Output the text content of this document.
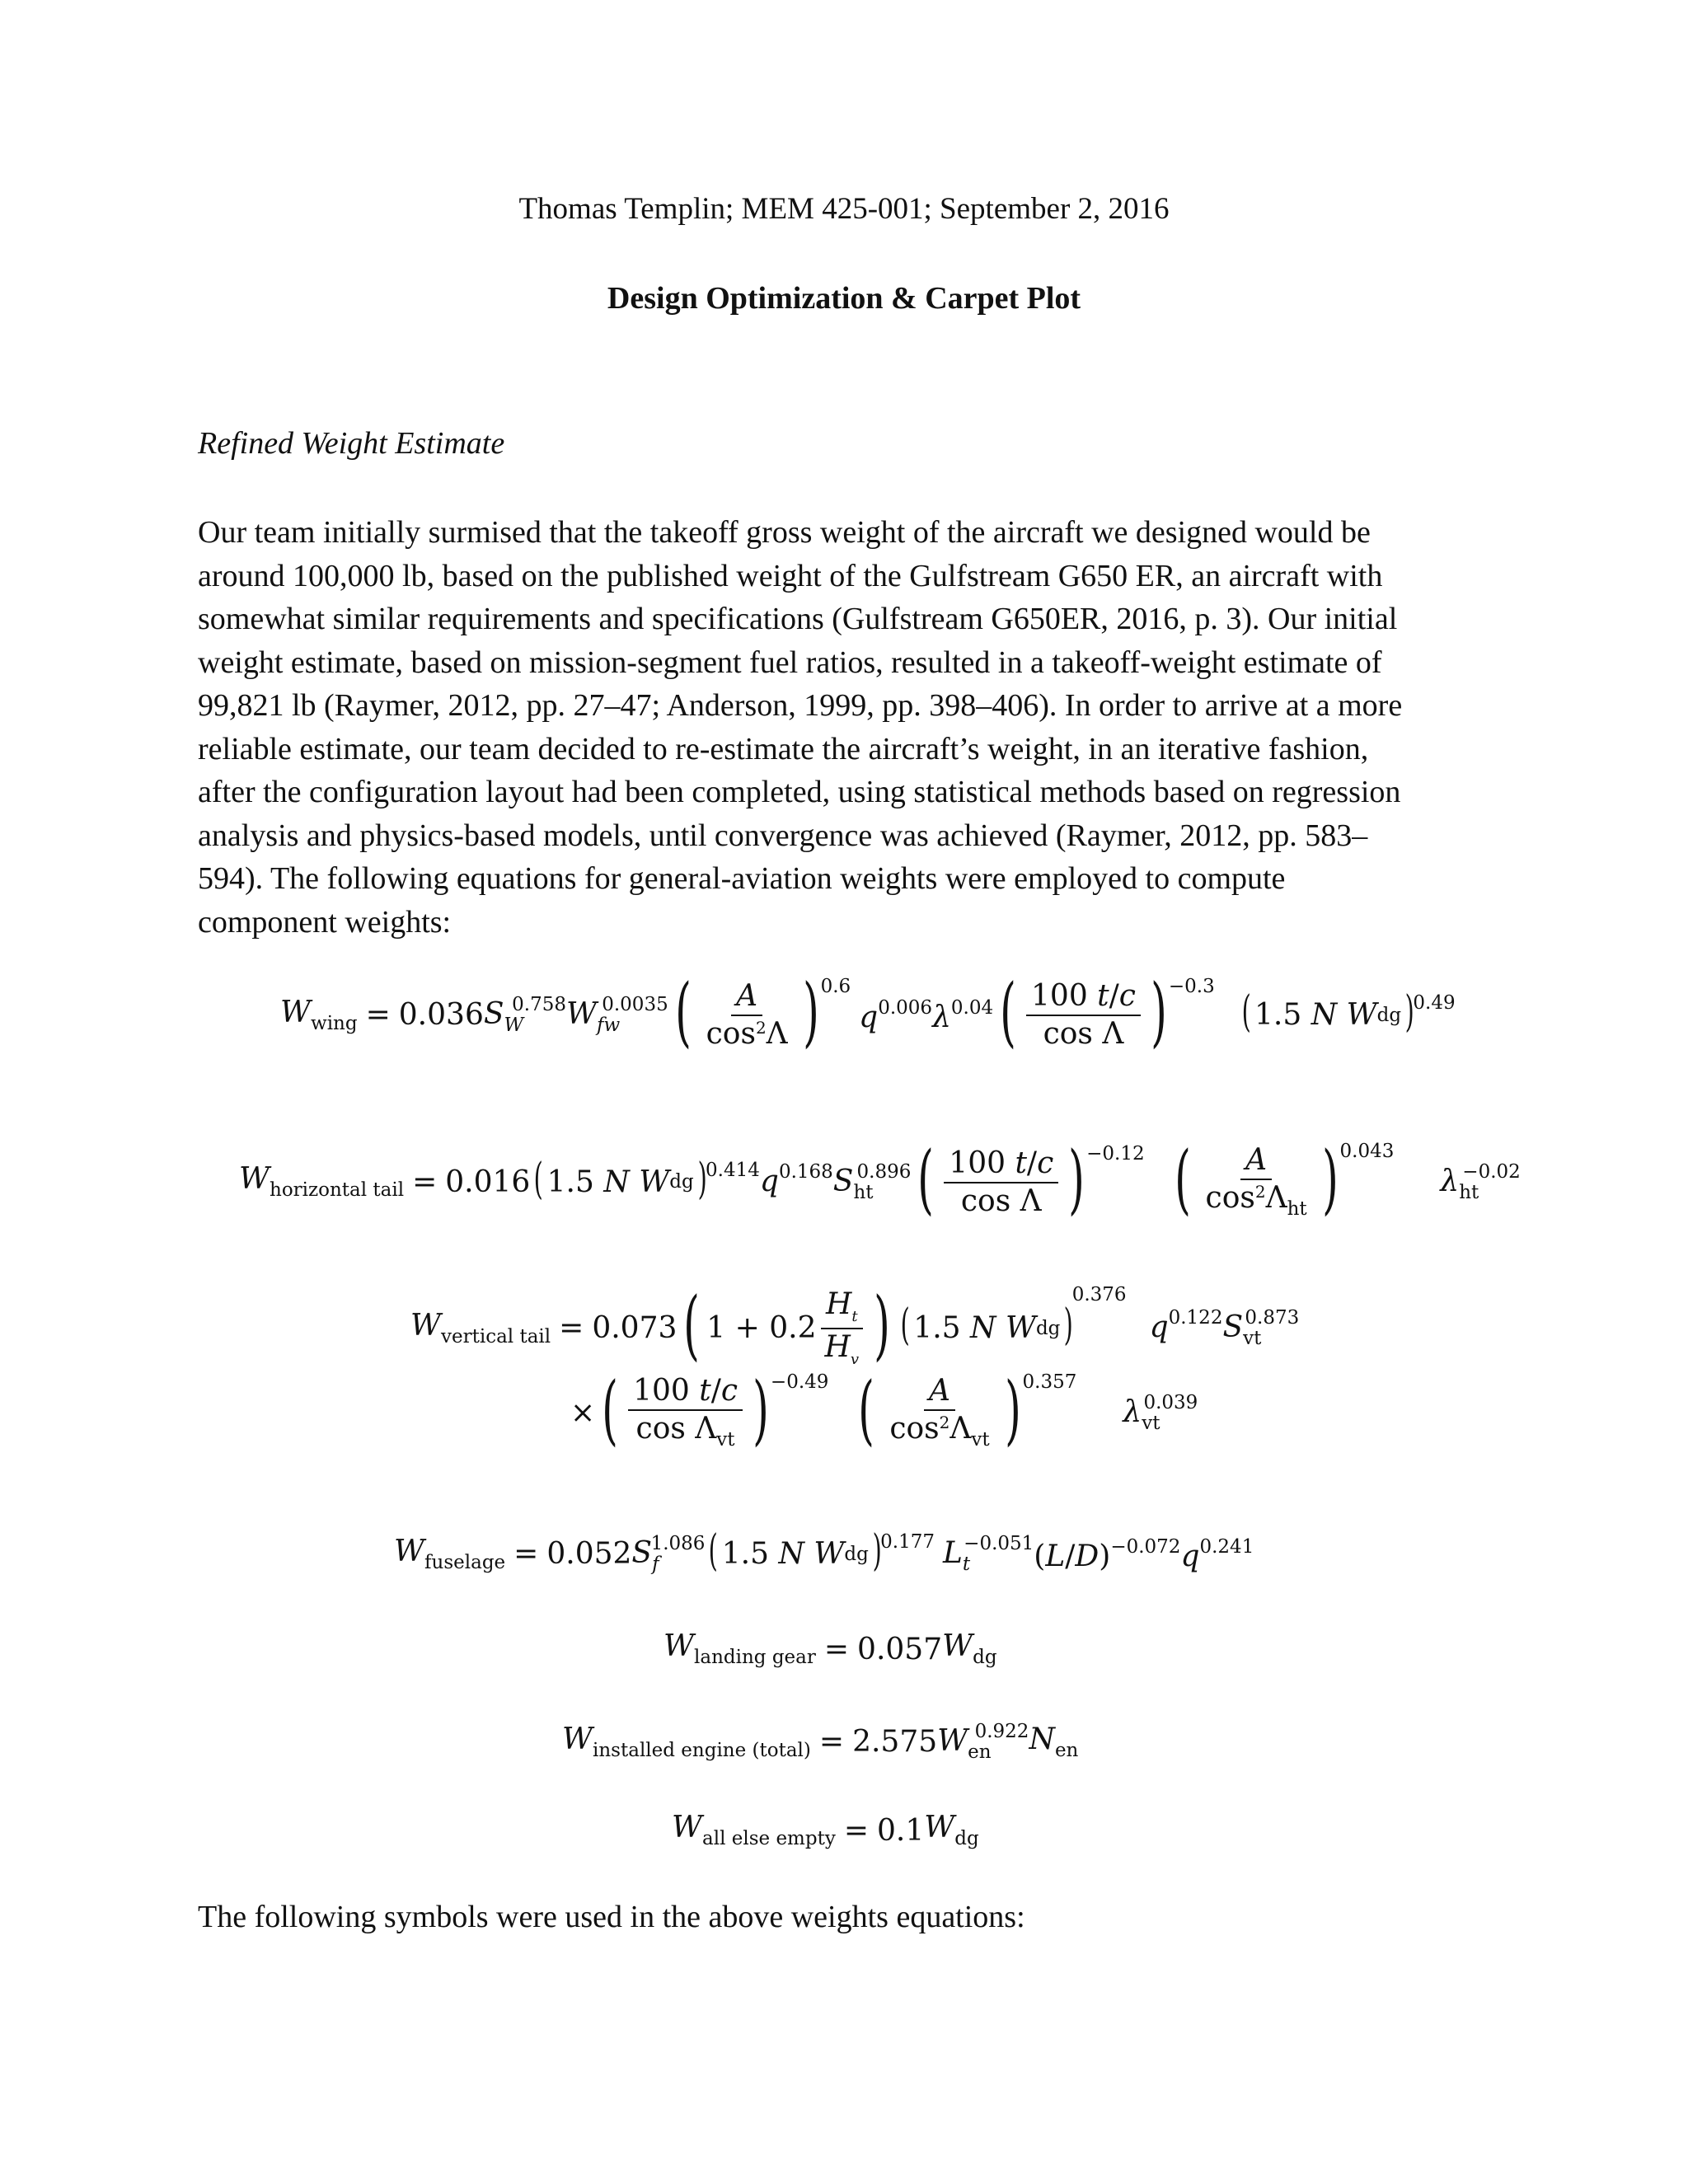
Thomas Templin; MEM 425-001; September 2, 2016
Design Optimization & Carpet Plot
Refined Weight Estimate
Our team initially surmised that the takeoff gross weight of the aircraft we designed would be
around 100,000 lb, based on the published weight of the Gulfstream G650 ER, an aircraft with
somewhat similar requirements and specifications (Gulfstream G650ER, 2016, p. 3). Our initial
weight estimate, based on mission-segment fuel ratios, resulted in a takeoff-weight estimate of
99,821 lb (Raymer, 2012, pp. 27–47; Anderson, 1999, pp. 398–406). In order to arrive at a more
reliable estimate, our team decided to re-estimate the aircraft’s weight, in an iterative fashion,
after the configuration layout had been completed, using statistical methods based on regression
analysis and physics-based models, until convergence was achieved (Raymer, 2012, pp. 583–
594). The following equations for general-aviation weights were employed to compute
component weights:
$W_{wing} = 0.036$ $S_W^{0.758}$ $W_{fw}^{0.0035}$ ( $\frac{A}{\cos^2\Lambda}$ ) 0.6
$q^{0.006}\lambda^{0.04}$ ( $\frac{100 t/c}{\text{cos Λ}}$ ) −0.3
( 1.5 N W dg )
0.49
$W_{horizontal tail} = 0.016$ ( 1.5 N W dg )
0.414 $q^{0.168}S_{ht}^{0.896}$ ( $\frac{100 t/c}{\text{cos Λ}}$ ) −0.12 ( $\frac{A}{\cos^2\Lambda_{ht}}$ ) 0.043
$\lambda_{ht}^{-0.02}$
$W_{vertical tail} = 0.073$ ( $1 + 0.2 \frac{H_t}{H_v}$ ) ( 1.5 N W dg )
0.376
$q^{0.122}S_{vt}^{0.873}$
× ( $\frac{100 t/c}{\cos \Lambda_{vt}}$ ) −0.49 ( $\frac{A}{\cos^2\Lambda_{vt}}$ ) 0.357
$\lambda_{vt}^{0.039}$
$W_{fuselage} = 0.052$ $S_f^{1.086}$ ( 1.5 N W dg )
0.177 $L_t^{-0.051}$ $(L/D)^{-0.072}$ $q^{0.241}$
$W_{landing gear} = 0.057$ $W_{dg}$
$W_{installed engine (total)} = 2.575$ $W_{en}^{0.922}$ $N_{en}$
$W_{all else empty} = 0.1$ $W_{dg}$
The following symbols were used in the above weights equations:
